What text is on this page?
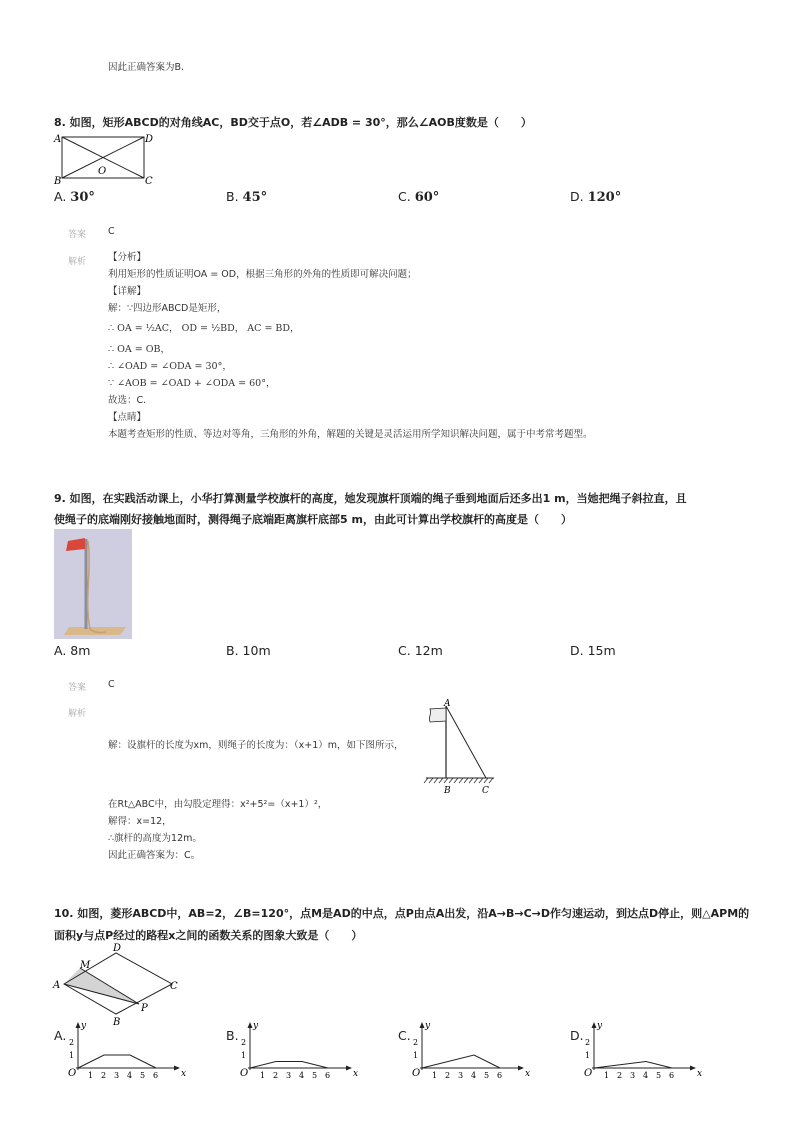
因此正确答案为B.
8. 如图，矩形ABCD的对角线AC，BD交于点O，若∠ADB = 30°，那么∠AOB度数是（　　）
A	D
B	C
O
A. 30°	B. 45°	C. 60°	D. 120°
答案 C
解析 【分析】
利用矩形的性质证明OA = OD，根据三角形的外角的性质即可解决问题；
【详解】
解：∵四边形ABCD是矩形，
∴ OA = ½AC， OD = ½BD， AC = BD，
∴ OA = OB，
∴ ∠OAD = ∠ODA = 30°，
∵ ∠AOB = ∠OAD + ∠ODA = 60°，
故选：C．
【点睛】
本题考查矩形的性质、等边对等角，三角形的外角，解题的关键是灵活运用所学知识解决问题，属于中考常考题型。
9. 如图，在实践活动课上，小华打算测量学校旗杆的高度，她发现旗杆顶端的绳子垂到地面后还多出1 m，当她把绳子斜拉直，且
使绳子的底端刚好接触地面时，测得绳子底端距离旗杆底部5 m，由此可计算出学校旗杆的高度是（　　）
A. 8m	B. 10m	C. 12m	D. 15m
答案 C
解析
解：设旗杆的长度为xm，则绳子的长度为：（x+1）m，如下图所示，
A
B	C
在Rt△ABC中，由勾股定理得：x²+5²=（x+1）²，
解得：x=12，
∴旗杆的高度为12m。
因此正确答案为：C。
10. 如图，菱形ABCD中，AB=2，∠B=120°，点M是AD的中点，点P由点A出发，沿A→B→C→D作匀速运动，到达点D停止，则△APM的
面积y与点P经过的路程x之间的函数关系的图象大致是（　　）
A
D
C
B
M
P
A.	B.	C.	D.
x
y
O 1 2 3 4 5 6
1
2
x
y
O 1 2 3 4 5 6
1
2
x
y
O 1 2 3 4 5 6
1
2
x
y
O 1 2 3 4 5 6
1
2
